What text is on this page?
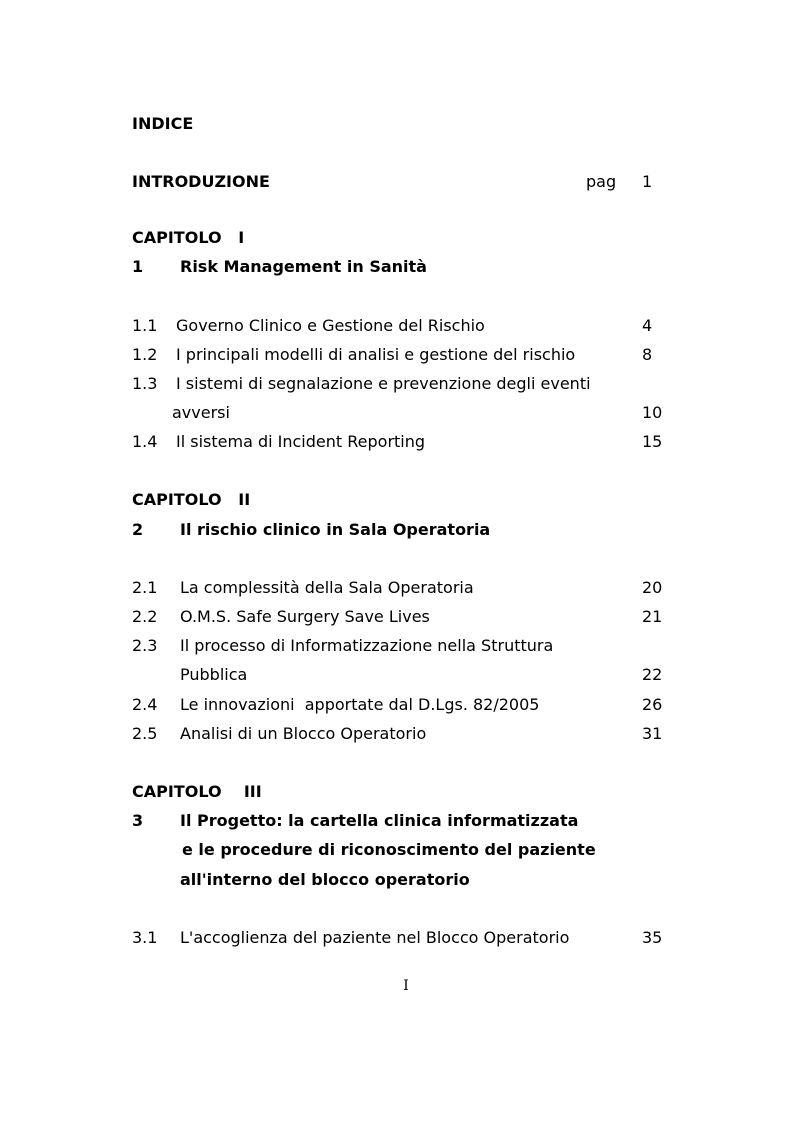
INDICE
INTRODUZIONE	pag 1
CAPITOLO   I
1 Risk Management in Sanità
1.1 Governo Clinico e Gestione del Rischio	4
1.2 I principali modelli di analisi e gestione del rischio	8
1.3 I sistemi di segnalazione e prevenzione degli eventi
avversi	10
1.4 Il sistema di Incident Reporting	15
CAPITOLO   II
2 Il rischio clinico in Sala Operatoria
2.1 La complessità della Sala Operatoria	20
2.2 O.M.S. Safe Surgery Save Lives	21
2.3 Il processo di Informatizzazione nella Struttura
Pubblica	22
2.4 Le innovazioni  apportate dal D.Lgs. 82/2005	26
2.5 Analisi di un Blocco Operatorio	31
CAPITOLO    III
3 Il Progetto: la cartella clinica informatizzata
e le procedure di riconoscimento del paziente
all'interno del blocco operatorio
3.1 L'accoglienza del paziente nel Blocco Operatorio	35
I
